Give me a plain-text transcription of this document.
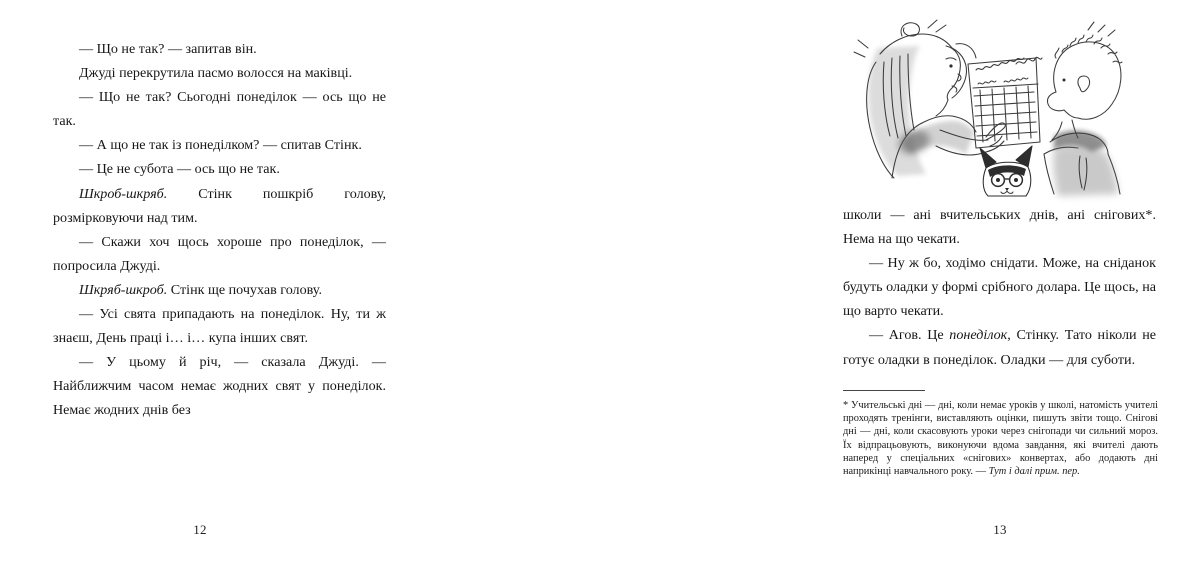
— Що не так? — запитав він.

Джуді перекрутила пасмо волосся на маківці.

— Що не так? Сьогодні понеділок — ось що не так.

— А що не так із понеділком? — спитав Стінк.

— Це не субота — ось що не так.

Шкроб-шкряб. Стінк пошкріб голову, розмірковуючи над тим.

— Скажи хоч щось хороше про понеділок, — попросила Джуді.

Шкряб-шкроб. Стінк ще почухав голову.

— Усі свята припадають на понеділок. Ну, ти ж знаєш, День праці і… і… купа інших свят.

— У цьому й річ, — сказала Джуді. — Найближчим часом немає жодних свят у понеділок. Немає жодних днів без

12

школи — ані вчительських днів, ані снігових*. Нема на що чекати.

— Ну ж бо, ходімо снідати. Може, на сніданок будуть оладки у формі срібного долара. Це щось, на що варто чекати.

— Агов. Це понеділок, Стінку. Тато ніколи не готує оладки в понеділок. Оладки — для суботи.

* Учительські дні — дні, коли немає уроків у школі, натомість учителі проходять тренінги, виставляють оцінки, пишуть звіти тощо. Снігові дні — дні, коли скасовують уроки через снігопади чи сильний мороз. Їх відпрацьовують, виконуючи вдома завдання, які вчителі дають наперед у спеціальних «снігових» конвертах, або додають дні наприкінці навчального року. — Тут і далі прим. пер.

13
